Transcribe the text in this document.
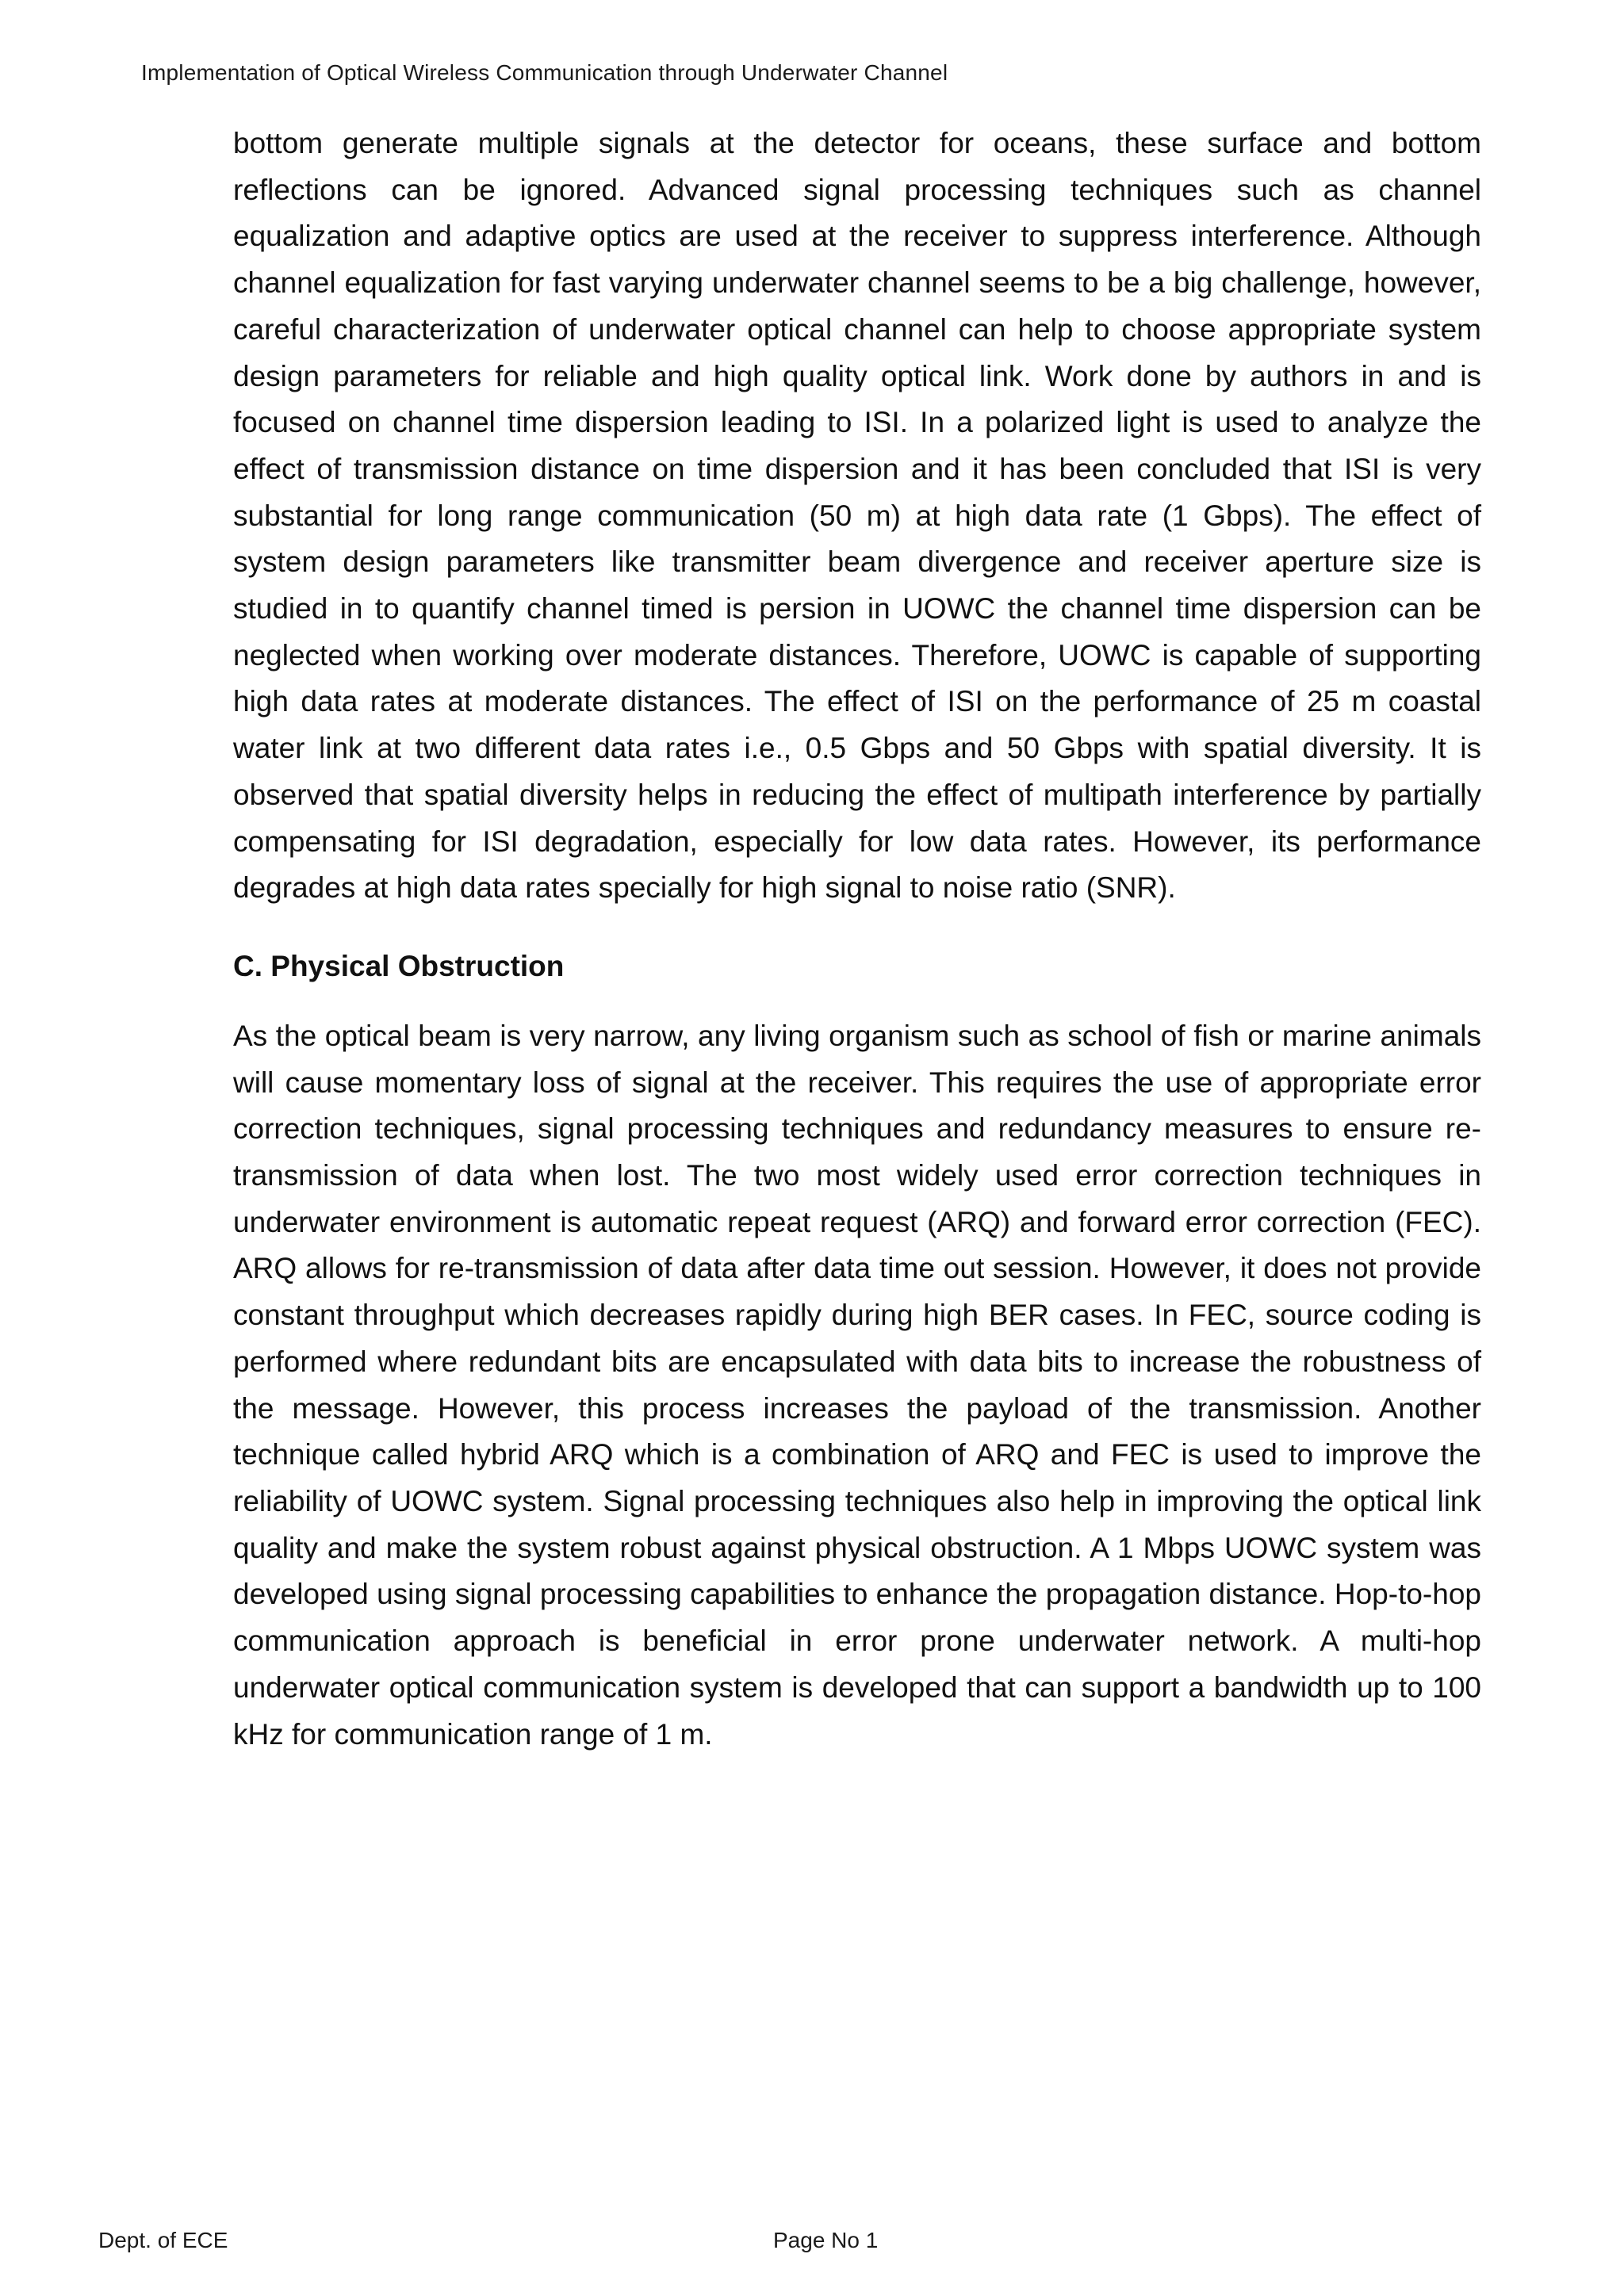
Implementation of Optical Wireless Communication through Underwater Channel

bottom generate multiple signals at the detector for oceans, these surface and bottom reflections can be ignored. Advanced signal processing techniques such as channel equalization and adaptive optics are used at the receiver to suppress interference. Although channel equalization for fast varying underwater channel seems to be a big challenge, however, careful characterization of underwater optical channel can help to choose appropriate system design parameters for reliable and high quality optical link. Work done by authors in and is focused on channel time dispersion leading to ISI. In a polarized light is used to analyze the effect of transmission distance on time dispersion and it has been concluded that ISI is very substantial for long range communication (50 m) at high data rate (1 Gbps). The effect of system design parameters like transmitter beam divergence and receiver aperture size is studied in to quantify channel timed is persion in UOWC the channel time dispersion can be neglected when working over moderate distances. Therefore, UOWC is capable of supporting high data rates at moderate distances. The effect of ISI on the performance of 25 m coastal water link at two different data rates i.e., 0.5 Gbps and 50 Gbps with spatial diversity. It is observed that spatial diversity helps in reducing the effect of multipath interference by partially compensating for ISI degradation, especially for low data rates. However, its performance degrades at high data rates specially for high signal to noise ratio (SNR).

C. Physical Obstruction

As the optical beam is very narrow, any living organism such as school of fish or marine animals will cause momentary loss of signal at the receiver. This requires the use of appropriate error correction techniques, signal processing techniques and redundancy measures to ensure re-transmission of data when lost. The two most widely used error correction techniques in underwater environment is automatic repeat request (ARQ) and forward error correction (FEC). ARQ allows for re-transmission of data after data time out session. However, it does not provide constant throughput which decreases rapidly during high BER cases. In FEC, source coding is performed where redundant bits are encapsulated with data bits to increase the robustness of the message. However, this process increases the payload of the transmission. Another technique called hybrid ARQ which is a combination of ARQ and FEC is used to improve the reliability of UOWC system. Signal processing techniques also help in improving the optical link quality and make the system robust against physical obstruction. A 1 Mbps UOWC system was developed using signal processing capabilities to enhance the propagation distance. Hop-to-hop communication approach is beneficial in error prone underwater network. A multi-hop underwater optical communication system is developed that can support a bandwidth up to 100 kHz for communication range of 1 m.

Dept. of ECE	Page No 1
